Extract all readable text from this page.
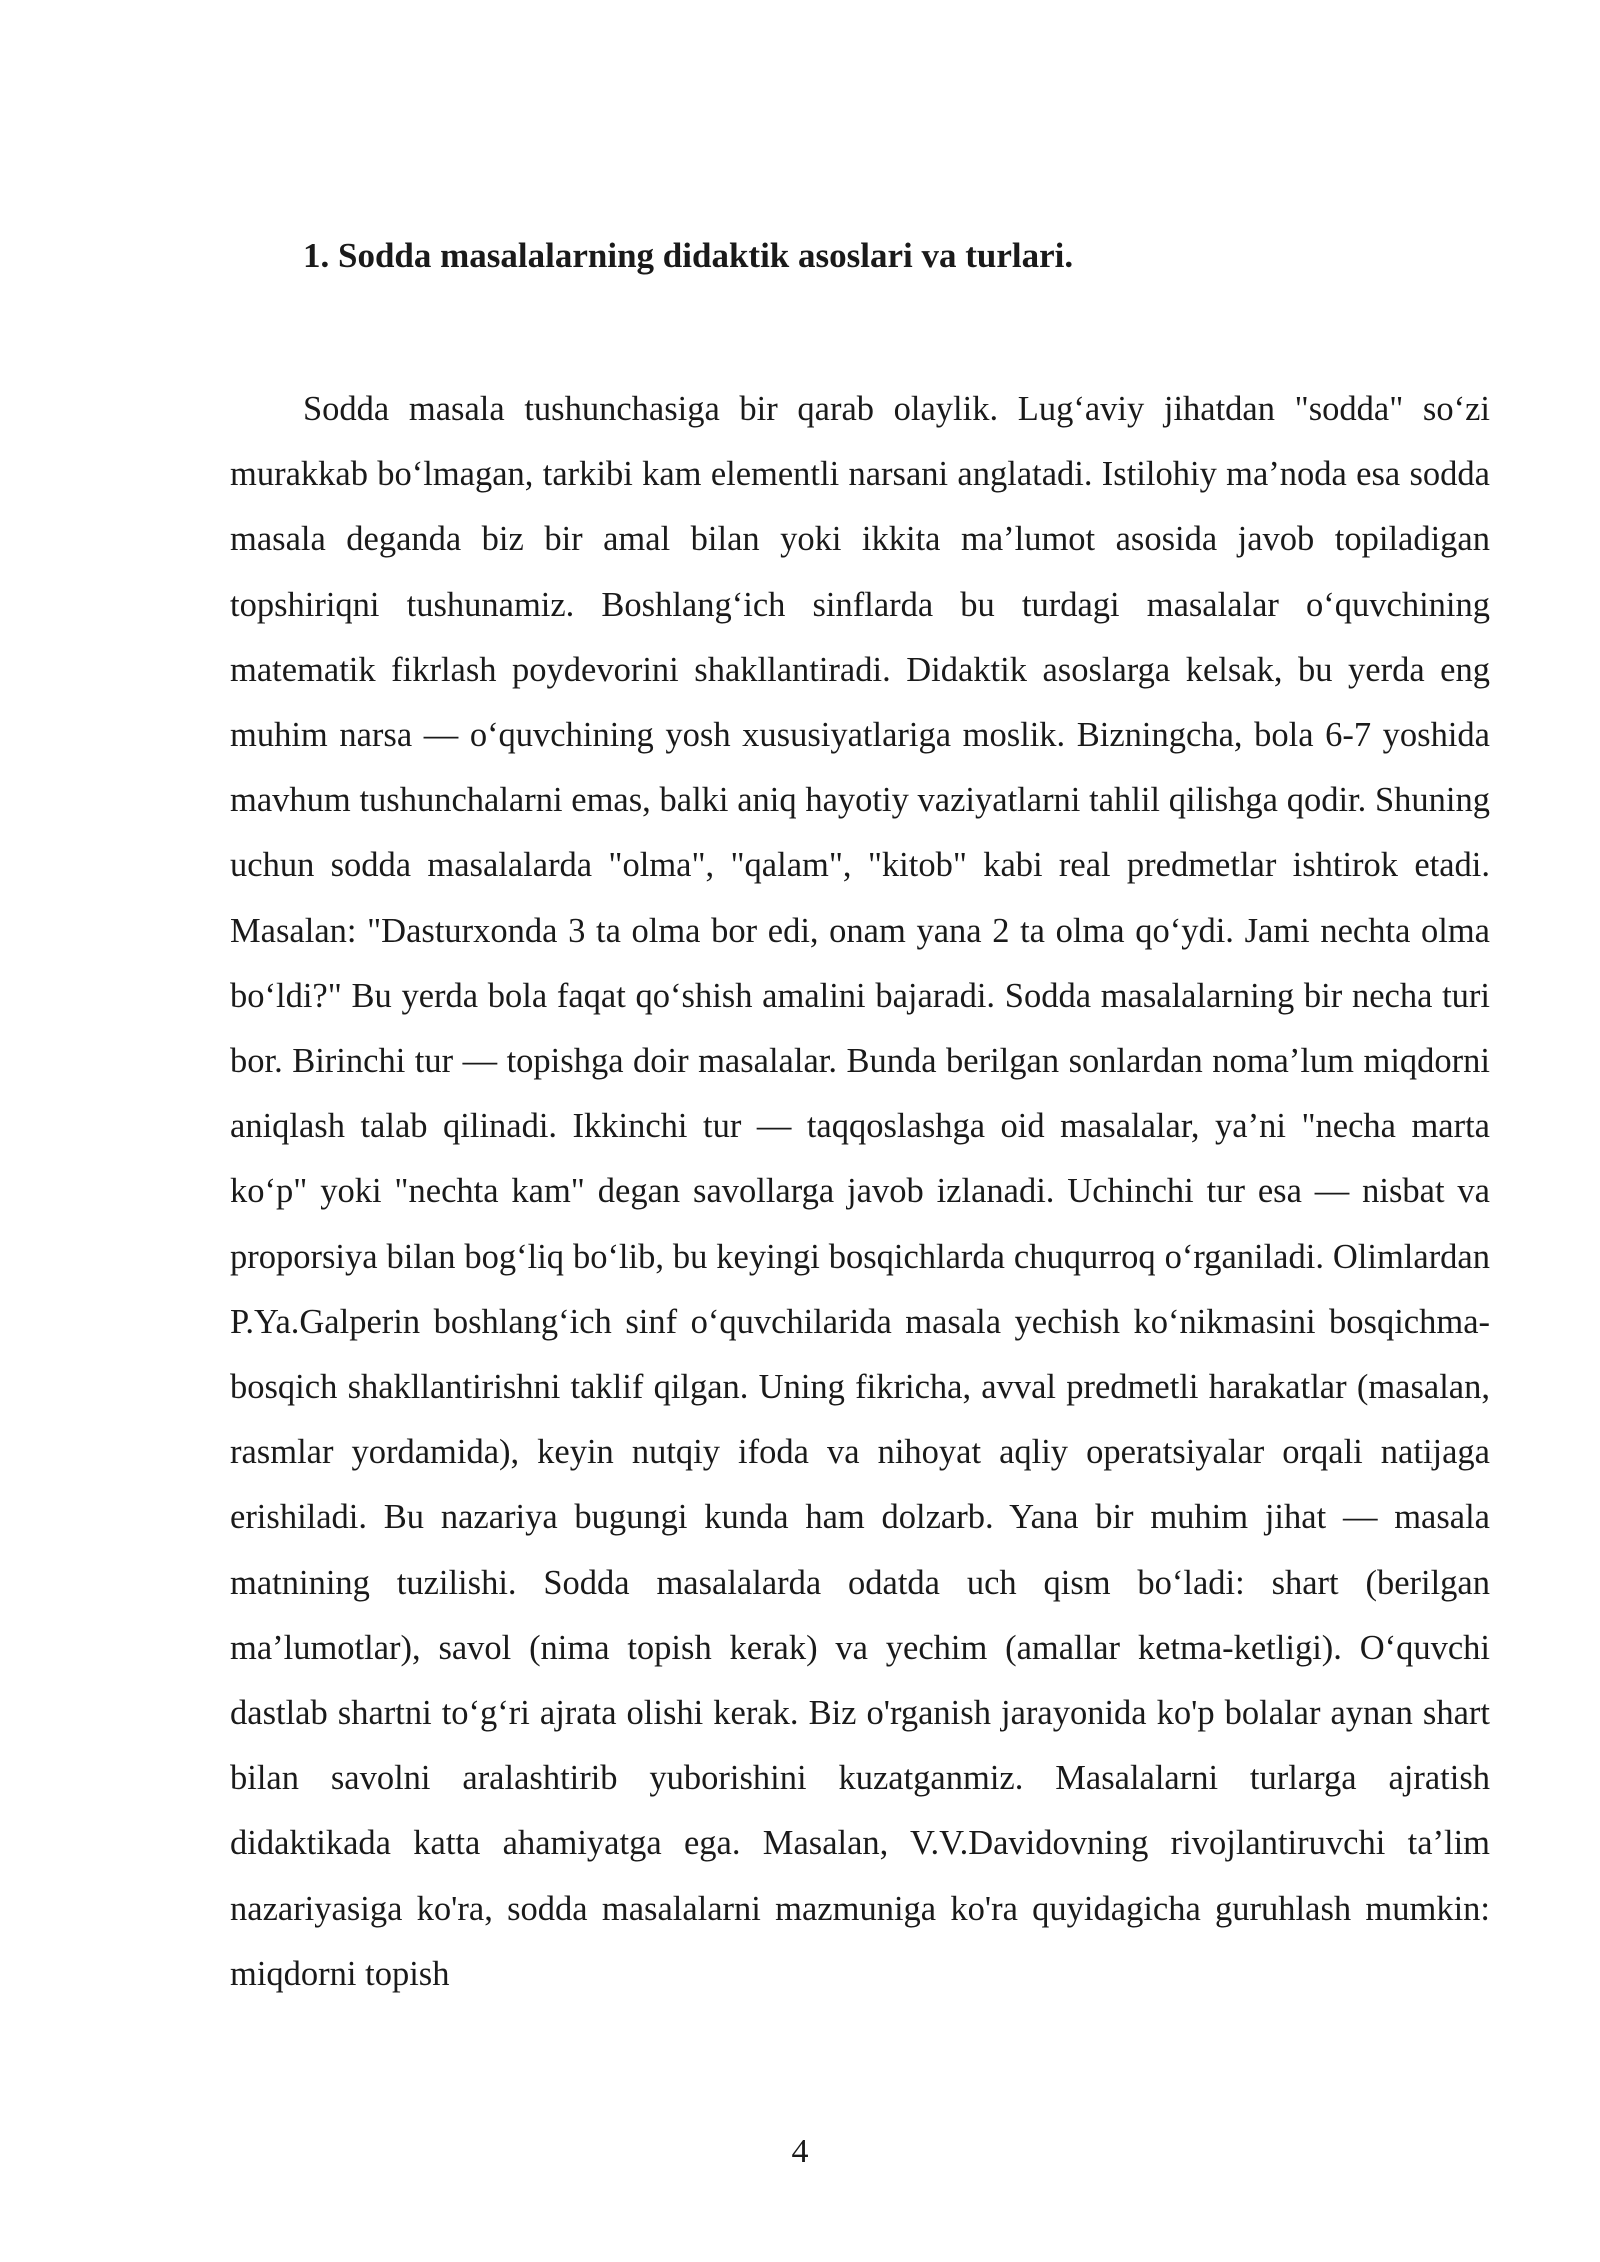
1. Sodda masalalarning didaktik asoslari va turlari.

Sodda masala tushunchasiga bir qarab olaylik. Lug‘aviy jihatdan "sodda" so‘zi murakkab bo‘lmagan, tarkibi kam elementli narsani anglatadi. Istilohiy ma’noda esa sodda masala deganda biz bir amal bilan yoki ikkita ma’lumot asosida javob topiladigan topshiriqni tushunamiz. Boshlang‘ich sinflarda bu turdagi masalalar o‘quvchining matematik fikrlash poydevorini shakllantiradi. Didaktik asoslarga kelsak, bu yerda eng muhim narsa — o‘quvchining yosh xususiyatlariga moslik. Bizningcha, bola 6-7 yoshida mavhum tushunchalarni emas, balki aniq hayotiy vaziyatlarni tahlil qilishga qodir. Shuning uchun sodda masalalarda "olma", "qalam", "kitob" kabi real predmetlar ishtirok etadi. Masalan: "Dasturxonda 3 ta olma bor edi, onam yana 2 ta olma qo‘ydi. Jami nechta olma bo‘ldi?" Bu yerda bola faqat qo‘shish amalini bajaradi. Sodda masalalarning bir necha turi bor. Birinchi tur — topishga doir masalalar. Bunda berilgan sonlardan noma’lum miqdorni aniqlash talab qilinadi. Ikkinchi tur — taqqoslashga oid masalalar, ya’ni "necha marta ko‘p" yoki "nechta kam" degan savollarga javob izlanadi. Uchinchi tur esa — nisbat va proporsiya bilan bog‘liq bo‘lib, bu keyingi bosqichlarda chuqurroq o‘rganiladi. Olimlardan P.Ya.Galperin boshlang‘ich sinf o‘quvchilarida masala yechish ko‘nikmasini bosqichma-bosqich shakllantirishni taklif qilgan. Uning fikricha, avval predmetli harakatlar (masalan, rasmlar yordamida), keyin nutqiy ifoda va nihoyat aqliy operatsiyalar orqali natijaga erishiladi. Bu nazariya bugungi kunda ham dolzarb. Yana bir muhim jihat — masala matnining tuzilishi. Sodda masalalarda odatda uch qism bo‘ladi: shart (berilgan ma’lumotlar), savol (nima topish kerak) va yechim (amallar ketma-ketligi). O‘quvchi dastlab shartni to‘g‘ri ajrata olishi kerak. Biz o'rganish jarayonida ko'p bolalar aynan shart bilan savolni aralashtirib yuborishini kuzatganmiz. Masalalarni turlarga ajratish didaktikada katta ahamiyatga ega. Masalan, V.V.Davidovning rivojlantiruvchi ta’lim nazariyasiga ko'ra, sodda masalalarni mazmuniga ko'ra quyidagicha guruhlash mumkin: miqdorni topish

4
